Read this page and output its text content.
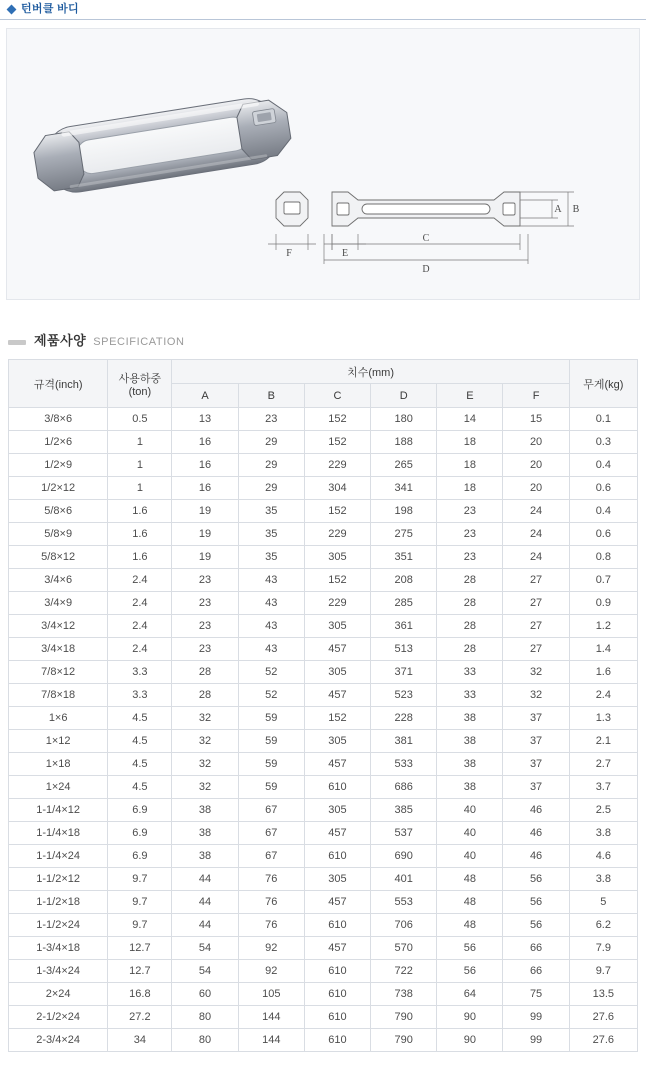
턴버클 바디
F	E
C
D
A B
제품사양 SPECIFICATION
규격(inch)	사용하중
(ton)	치수(mm)						무게(kg)
		A	B	C	D	E	F	
3/8×6	0.5	13	23	152	180	14	15	0.1
1/2×6	1	16	29	152	188	18	20	0.3
1/2×9	1	16	29	229	265	18	20	0.4
1/2×12	1	16	29	304	341	18	20	0.6
5/8×6	1.6	19	35	152	198	23	24	0.4
5/8×9	1.6	19	35	229	275	23	24	0.6
5/8×12	1.6	19	35	305	351	23	24	0.8
3/4×6	2.4	23	43	152	208	28	27	0.7
3/4×9	2.4	23	43	229	285	28	27	0.9
3/4×12	2.4	23	43	305	361	28	27	1.2
3/4×18	2.4	23	43	457	513	28	27	1.4
7/8×12	3.3	28	52	305	371	33	32	1.6
7/8×18	3.3	28	52	457	523	33	32	2.4
1×6	4.5	32	59	152	228	38	37	1.3
1×12	4.5	32	59	305	381	38	37	2.1
1×18	4.5	32	59	457	533	38	37	2.7
1×24	4.5	32	59	610	686	38	37	3.7
1-1/4×12	6.9	38	67	305	385	40	46	2.5
1-1/4×18	6.9	38	67	457	537	40	46	3.8
1-1/4×24	6.9	38	67	610	690	40	46	4.6
1-1/2×12	9.7	44	76	305	401	48	56	3.8
1-1/2×18	9.7	44	76	457	553	48	56	5
1-1/2×24	9.7	44	76	610	706	48	56	6.2
1-3/4×18	12.7	54	92	457	570	56	66	7.9
1-3/4×24	12.7	54	92	610	722	56	66	9.7
2×24	16.8	60	105	610	738	64	75	13.5
2-1/2×24	27.2	80	144	610	790	90	99	27.6
2-3/4×24	34	80	144	610	790	90	99	27.6
